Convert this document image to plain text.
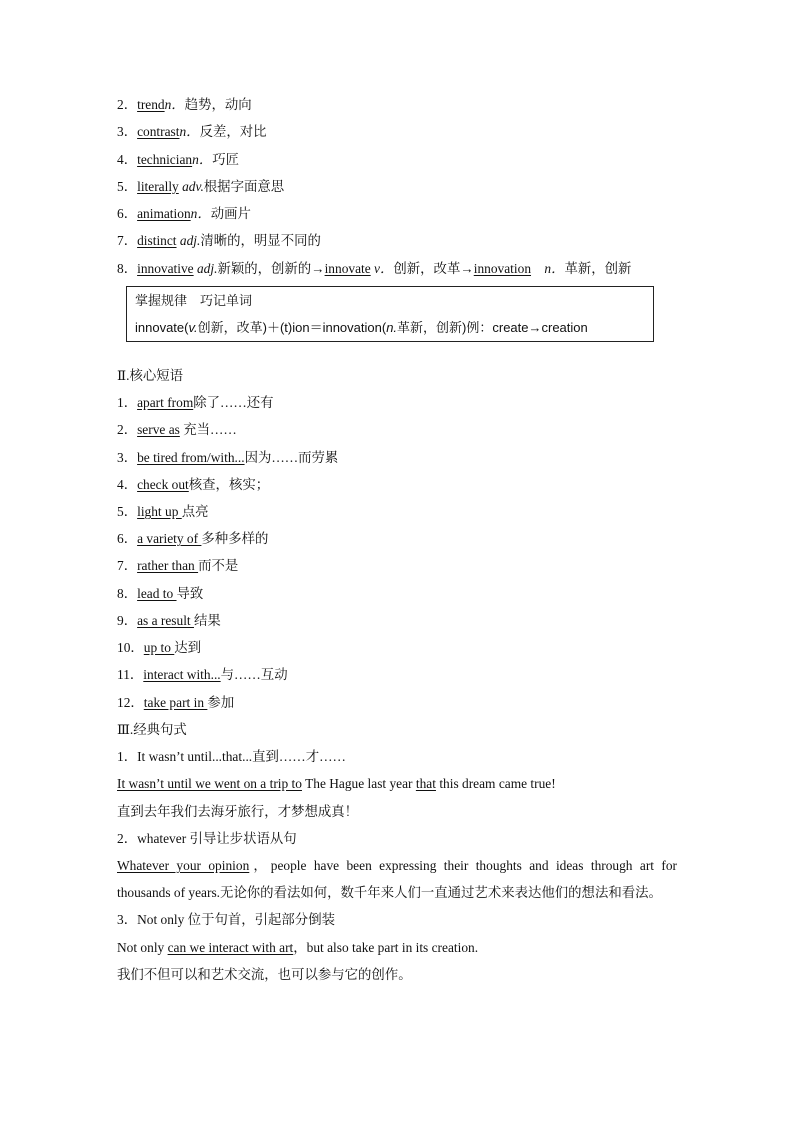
2．trendn．趋势，动向
3．contrastn．反差，对比
4．techniciann．巧匠
5．literally adv.根据字面意思
6．animationn．动画片
7．distinct adj.清晰的，明显不同的
8．innovative adj.新颖的，创新的→innovate v．创新，改革→innovation　 n．革新，创新
掌握规律　巧记单词
innovate(v.创新，改革)＋(t)ion＝innovation(n.革新，创新)例：create→creation
Ⅱ.核心短语
1．apart from除了……还有
2．serve as 充当……
3．be tired from/with...因为……而劳累
4．check out核查，核实；
5．light up 点亮
6．a variety of 多种多样的
7．rather than 而不是
8．lead to 导致
9．as a result 结果
10．up to 达到
11．interact with...与……互动
12．take part in 参加
Ⅲ.经典句式
1．It wasn’t until...that...直到……才……
It wasn’t until we went on a trip to The Hague last year that this dream came true!
直到去年我们去海牙旅行，才梦想成真！
2．whatever 引导让步状语从句
Whatever your opinion，people have been expressing their thoughts and ideas through art for
thousands of years.无论你的看法如何，数千年来人们一直通过艺术来表达他们的想法和看法。
3．Not only 位于句首，引起部分倒装
Not only can we interact with art，but also take part in its creation.
我们不但可以和艺术交流，也可以参与它的创作。
